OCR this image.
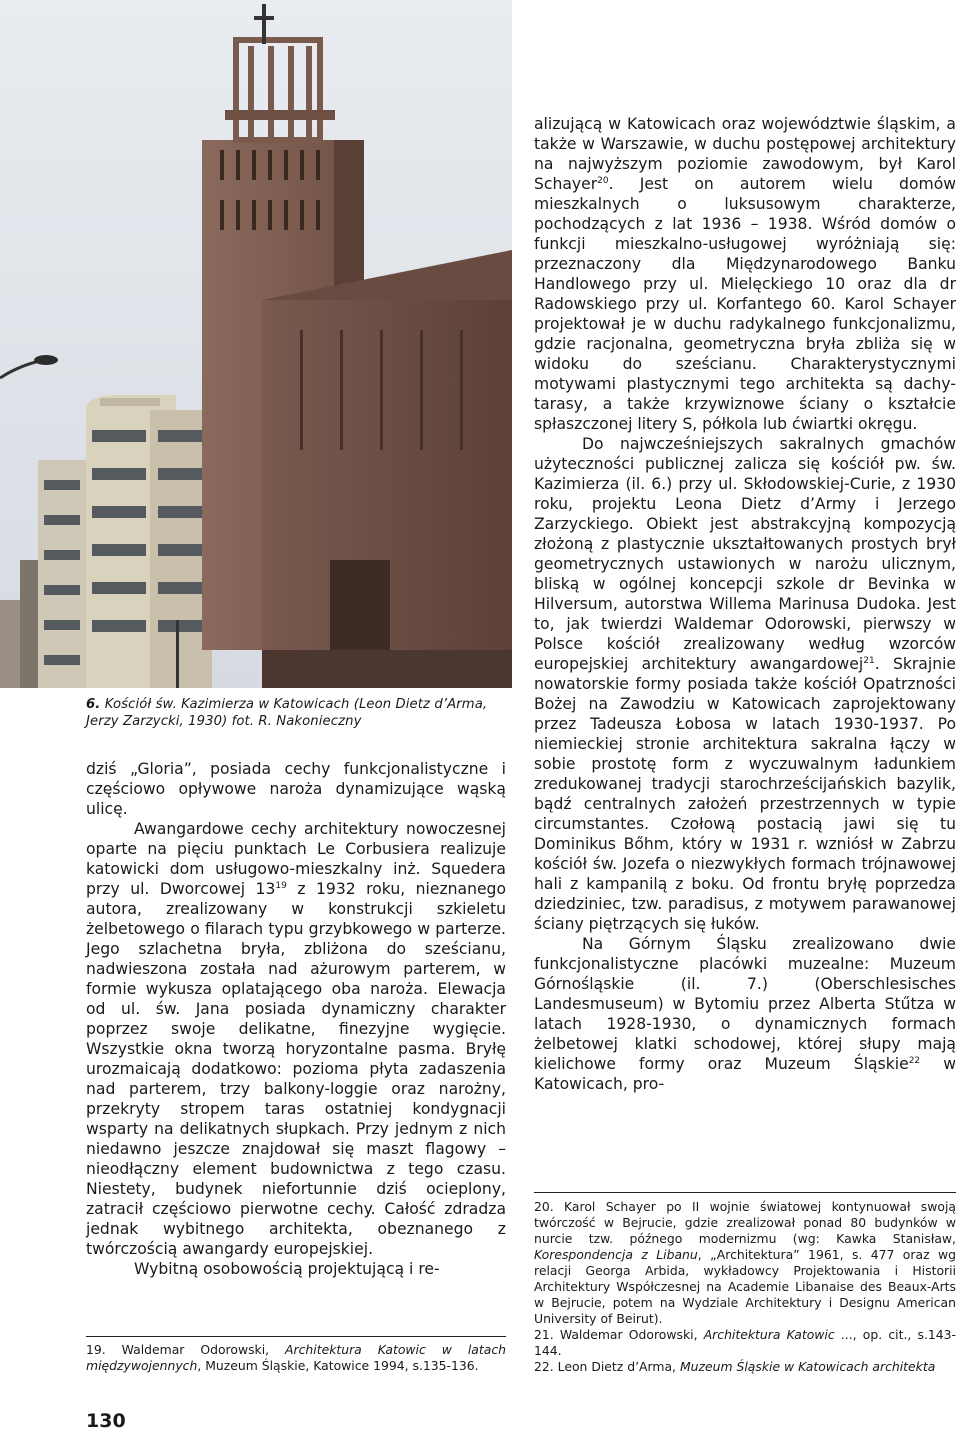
6. Kościół św. Kazimierza w Katowicach (Leon Dietz d’Arma, Jerzy Zarzycki, 1930) fot. R. Nakonieczny

dziś „Gloria”, posiada cechy funkcjonalistyczne i częściowo opływowe naroża dynamizujące wąską ulicę.

Awangardowe cechy architektury nowoczesnej oparte na pięciu punktach Le Corbusiera realizuje katowicki dom usługowo-mieszkalny inż. Squedera przy ul. Dworcowej $13^{19}$ z 1932 roku, nieznanego autora, zrealizowany w konstrukcji szkieletu żelbetowego o filarach typu grzybkowego w parterze. Jego szlachetna bryła, zbliżona do sześcianu, nadwieszona została nad ażurowym parterem, w formie wykusza oplatającego oba naroża. Elewacja od ul. św. Jana posiada dynamiczny charakter poprzez swoje delikatne, finezyjne wygięcie. Wszystkie okna tworzą horyzontalne pasma. Bryłę urozmaicają dodatkowo: pozioma płyta zadaszenia nad parterem, trzy balkony-loggie oraz narożny, przekryty stropem taras ostatniej kondygnacji wsparty na delikatnych słupkach. Przy jednym z nich niedawno jeszcze znajdował się maszt flagowy – nieodłączny element budownictwa z tego czasu. Niestety, budynek niefortunnie dziś ocieplony, zatracił częściowo pierwotne cechy. Całość zdradza jednak wybitnego architekta, obeznanego z twórczością awangardy europejskiej.

Wybitną osobowością projektującą i re-

19. Waldemar Odorowski, Architektura Katowic w latach międzywojennych, Muzeum Śląskie, Katowice 1994, s.135-136.

alizującą w Katowicach oraz województwie śląskim, a także w Warszawie, w duchu postępowej architektury na najwyższym poziomie zawodowym, był Karol Schayer$^{20}$. Jest on autorem wielu domów mieszkalnych o luksusowym charakterze, pochodzących z lat 1936 – 1938. Wśród domów o funkcji mieszkalno-usługowej wyróżniają się: przeznaczony dla Międzynarodowego Banku Handlowego przy ul. Mielęckiego 10 oraz dla dr Radowskiego przy ul. Korfantego 60. Karol Schayer projektował je w duchu radykalnego funkcjonalizmu, gdzie racjonalna, geometryczna bryła zbliża się w widoku do sześcianu. Charakterystycznymi motywami plastycznymi tego architekta są dachy-tarasy, a także krzywiznowe ściany o kształcie spłaszczonej litery S, półkola lub ćwiartki okręgu.

Do najwcześniejszych sakralnych gmachów użyteczności publicznej zalicza się kościół pw. św. Kazimierza (il. 6.) przy ul. Skłodowskiej-Curie, z 1930 roku, projektu Leona Dietz d’Army i Jerzego Zarzyckiego. Obiekt jest abstrakcyjną kompozycją złożoną z plastycznie ukształtowanych prostych brył geometrycznych ustawionych w narożu ulicznym, bliską w ogólnej koncepcji szkole dr Bevinka w Hilversum, autorstwa Willema Marinusa Dudoka. Jest to, jak twierdzi Waldemar Odorowski, pierwszy w Polsce kościół zrealizowany według wzorców europejskiej architektury awangardowej$^{21}$. Skrajnie nowatorskie formy posiada także kościół Opatrzności Bożej na Zawodziu w Katowicach zaprojektowany przez Tadeusza Łobosa w latach 1930-1937. Po niemieckiej stronie architektura sakralna łączy w sobie prostotę form z wyczuwalnym ładunkiem zredukowanej tradycji starochrześcijańskich bazylik, bądź centralnych założeń przestrzennych w typie circumstantes. Czołową postacią jawi się tu Dominikus Bőhm, który w 1931 r. wzniósł w Zabrzu kościół św. Jozefa o niezwykłych formach trójnawowej hali z kampanilą z boku. Od frontu bryłę poprzedza dziedziniec, tzw. paradisus, z motywem parawanowej ściany piętrzących się łuków.

Na Górnym Śląsku zrealizowano dwie funkcjonalistyczne placówki muzealne: Muzeum Górnośląskie (il. 7.) (Oberschlesisches Landesmuseum) w Bytomiu przez Alberta Stűtza w latach 1928-1930, o dynamicznych formach żelbetowej klatki schodowej, której słupy mają kielichowe formy oraz Muzeum Śląskie$^{22}$ w Katowicach, pro-

20. Karol Schayer po II wojnie światowej kontynuował swoją twórczość w Bejrucie, gdzie zrealizował ponad 80 budynków w nurcie tzw. późnego modernizmu (wg: Kawka Stanisław, Korespondencja z Libanu, „Architektura” 1961, s. 477 oraz wg relacji Georga Arbida, wykładowcy Projektowania i Historii Architektury Współczesnej na Academie Libanaise des Beaux-Arts w Bejrucie, potem na Wydziale Architektury i Designu American University of Beirut).

21. Waldemar Odorowski, Architektura Katowic ..., op. cit., s.143-144.

22. Leon Dietz d’Arma, Muzeum Śląskie w Katowicach architekta

130
